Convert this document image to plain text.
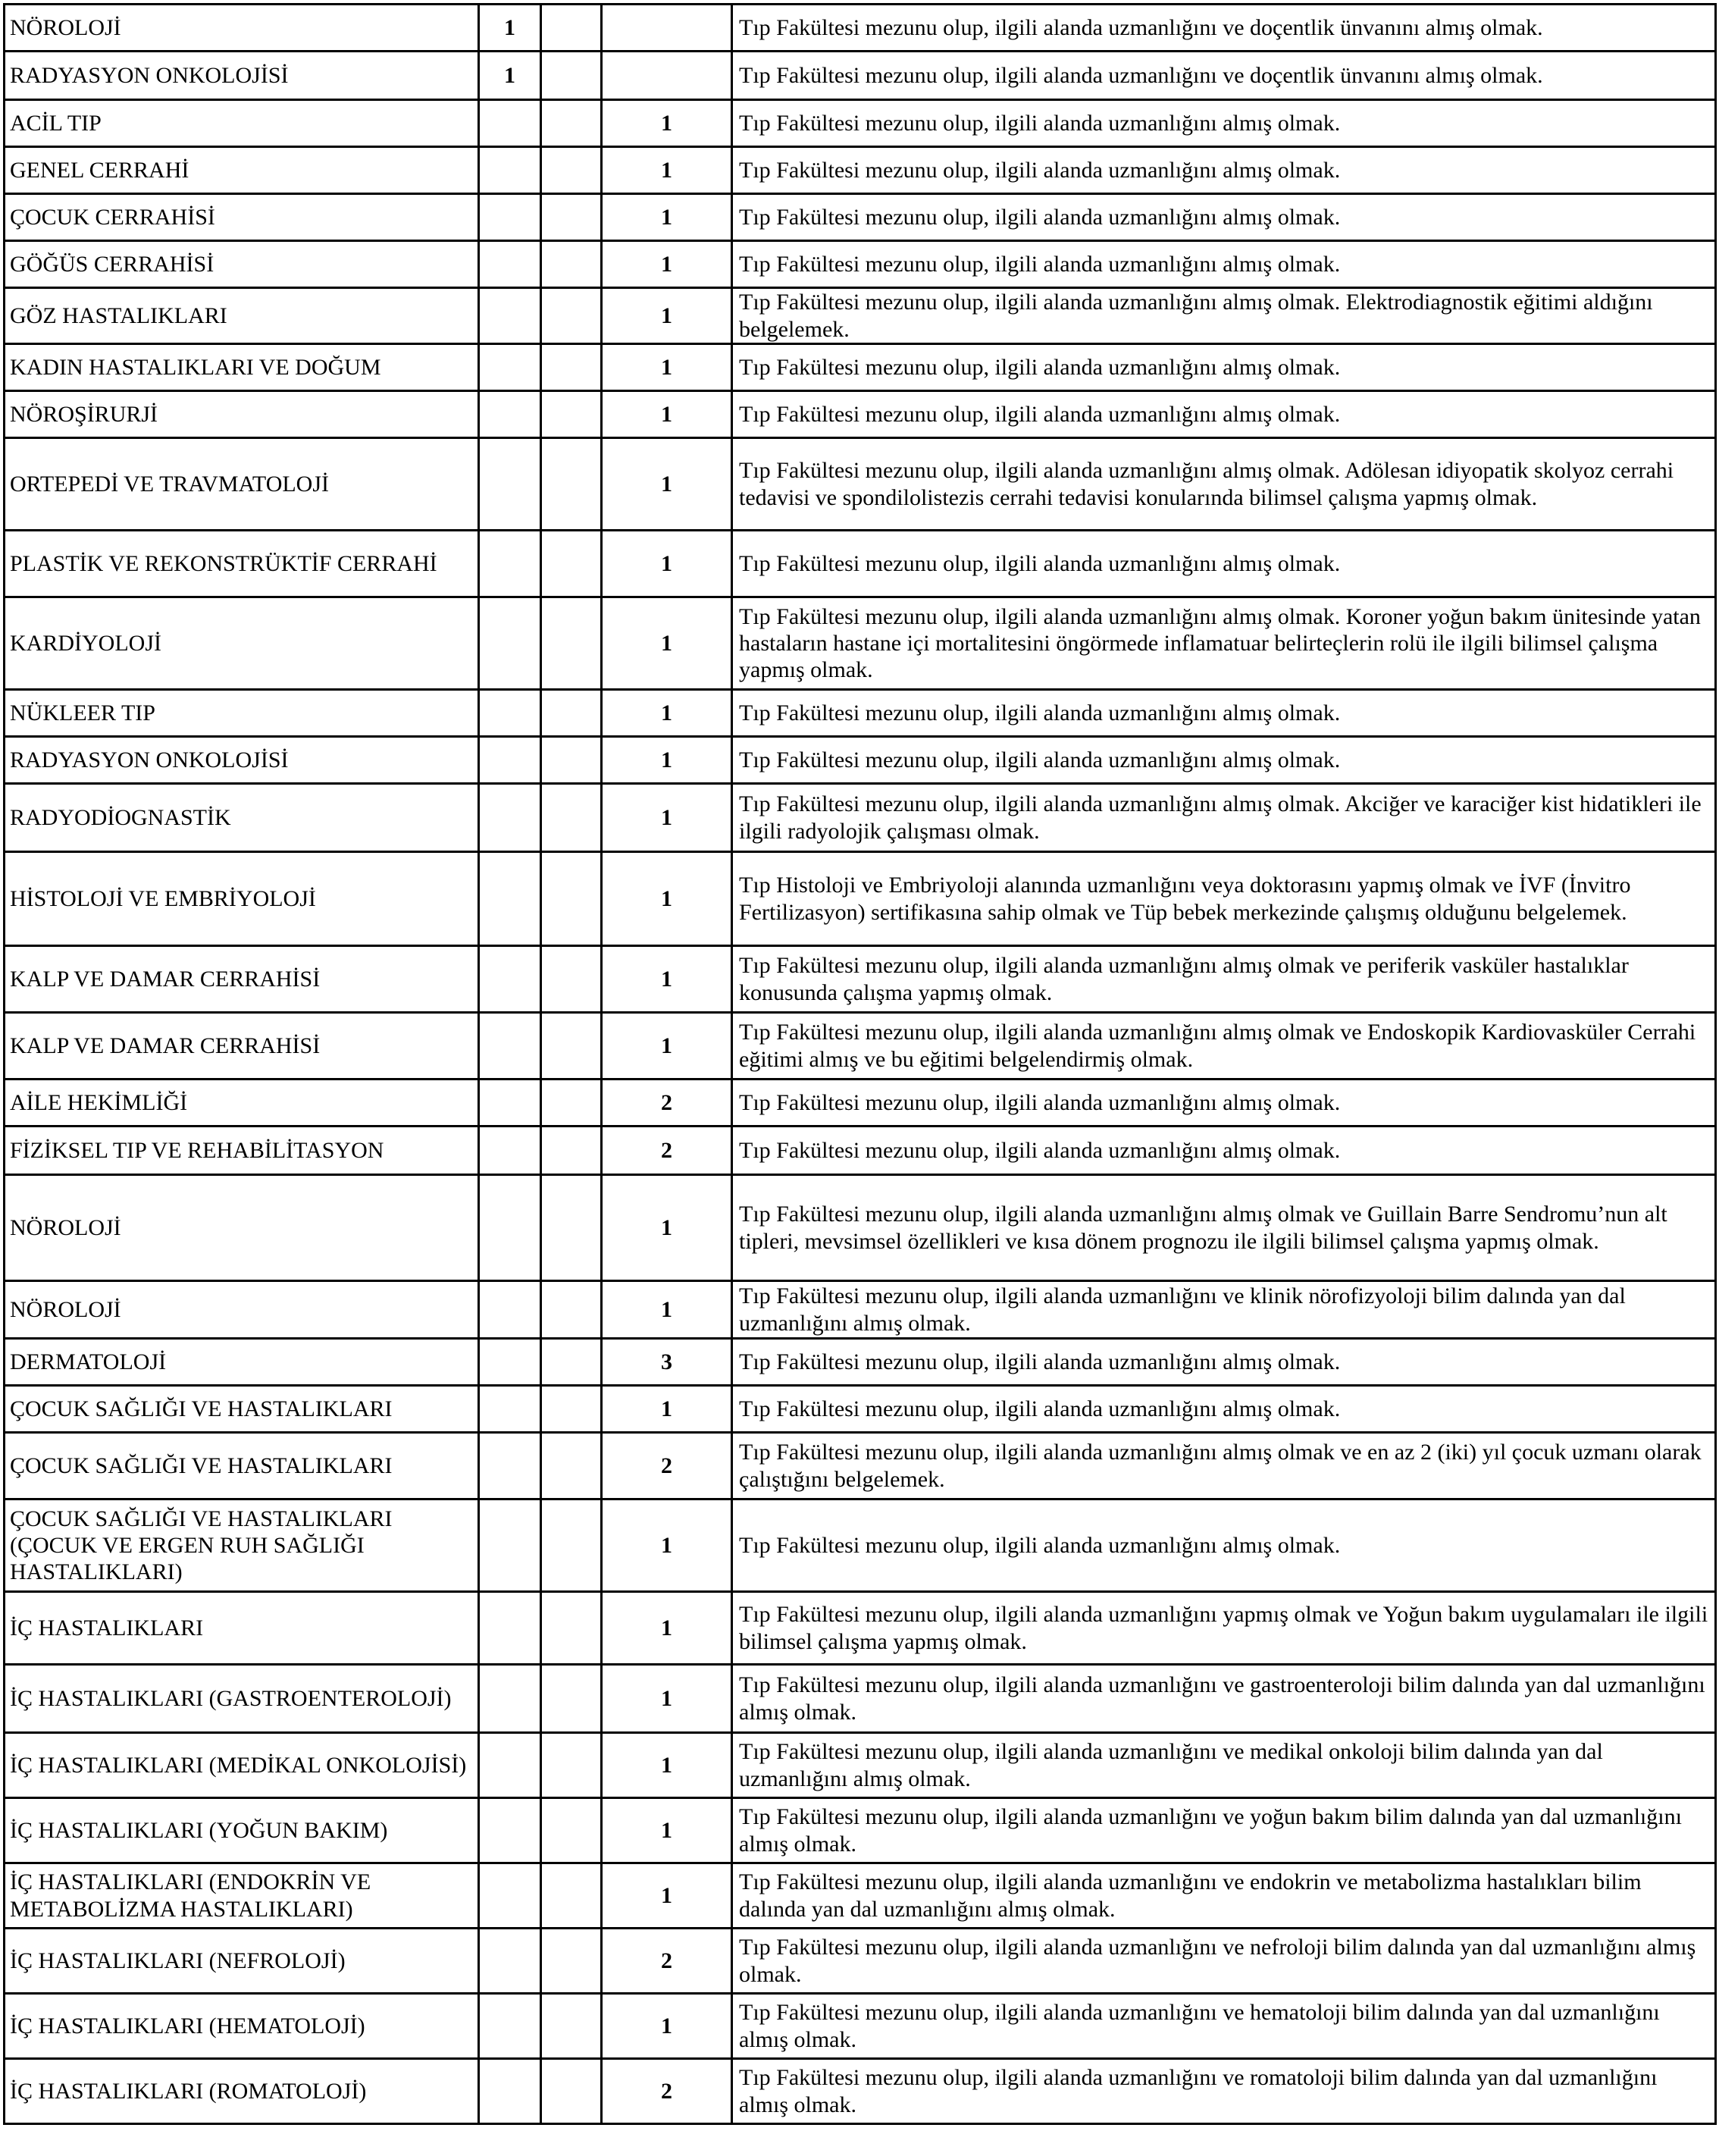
NÖROLOJİ	1			Tıp Fakültesi mezunu olup, ilgili alanda uzmanlığını ve doçentlik ünvanını almış olmak.
RADYASYON ONKOLOJİSİ	1			Tıp Fakültesi mezunu olup, ilgili alanda uzmanlığını ve doçentlik ünvanını almış olmak.
ACİL TIP			1	Tıp Fakültesi mezunu olup, ilgili alanda uzmanlığını almış olmak.
GENEL CERRAHİ			1	Tıp Fakültesi mezunu olup, ilgili alanda uzmanlığını almış olmak.
ÇOCUK CERRAHİSİ			1	Tıp Fakültesi mezunu olup, ilgili alanda uzmanlığını almış olmak.
GÖĞÜS CERRAHİSİ			1	Tıp Fakültesi mezunu olup, ilgili alanda uzmanlığını almış olmak.
GÖZ HASTALIKLARI			1	Tıp Fakültesi mezunu olup, ilgili alanda uzmanlığını almış olmak. Elektrodiagnostik eğitimi aldığını belgelemek.
KADIN HASTALIKLARI VE DOĞUM			1	Tıp Fakültesi mezunu olup, ilgili alanda uzmanlığını almış olmak.
NÖROŞİRURJİ			1	Tıp Fakültesi mezunu olup, ilgili alanda uzmanlığını almış olmak.
ORTEPEDİ VE TRAVMATOLOJİ			1	Tıp Fakültesi mezunu olup, ilgili alanda uzmanlığını almış olmak. Adölesan idiyopatik skolyoz cerrahi tedavisi ve spondilolistezis cerrahi tedavisi konularında bilimsel çalışma yapmış olmak.
PLASTİK VE REKONSTRÜKTİF CERRAHİ			1	Tıp Fakültesi mezunu olup, ilgili alanda uzmanlığını almış olmak.
KARDİYOLOJİ			1	Tıp Fakültesi mezunu olup, ilgili alanda uzmanlığını almış olmak. Koroner yoğun bakım ünitesinde yatan hastaların hastane içi mortalitesini öngörmede inflamatuar belirteçlerin rolü ile ilgili bilimsel çalışma yapmış olmak.
NÜKLEER TIP			1	Tıp Fakültesi mezunu olup, ilgili alanda uzmanlığını almış olmak.
RADYASYON ONKOLOJİSİ			1	Tıp Fakültesi mezunu olup, ilgili alanda uzmanlığını almış olmak.
RADYODİOGNASTİK			1	Tıp Fakültesi mezunu olup, ilgili alanda uzmanlığını almış olmak. Akciğer ve karaciğer kist hidatikleri ile ilgili radyolojik çalışması olmak.
HİSTOLOJİ VE EMBRİYOLOJİ			1	Tıp Histoloji ve Embriyoloji alanında uzmanlığını veya doktorasını yapmış olmak ve İVF (İnvitro Fertilizasyon) sertifikasına sahip olmak ve Tüp bebek merkezinde çalışmış olduğunu belgelemek.
KALP VE DAMAR CERRAHİSİ			1	Tıp Fakültesi mezunu olup, ilgili alanda uzmanlığını almış olmak ve periferik vasküler hastalıklar konusunda çalışma yapmış olmak.
KALP VE DAMAR CERRAHİSİ			1	Tıp Fakültesi mezunu olup, ilgili alanda uzmanlığını almış olmak ve Endoskopik Kardiovasküler Cerrahi eğitimi almış ve bu eğitimi belgelendirmiş olmak.
AİLE HEKİMLİĞİ			2	Tıp Fakültesi mezunu olup, ilgili alanda uzmanlığını almış olmak.
FİZİKSEL TIP VE REHABİLİTASYON			2	Tıp Fakültesi mezunu olup, ilgili alanda uzmanlığını almış olmak.
NÖROLOJİ			1	Tıp Fakültesi mezunu olup, ilgili alanda uzmanlığını almış olmak ve Guillain Barre Sendromu’nun alt tipleri, mevsimsel özellikleri ve kısa dönem prognozu ile ilgili bilimsel çalışma yapmış olmak.
NÖROLOJİ			1	Tıp Fakültesi mezunu olup, ilgili alanda uzmanlığını ve klinik nörofizyoloji bilim dalında yan dal uzmanlığını almış olmak.
DERMATOLOJİ			3	Tıp Fakültesi mezunu olup, ilgili alanda uzmanlığını almış olmak.
ÇOCUK SAĞLIĞI VE HASTALIKLARI			1	Tıp Fakültesi mezunu olup, ilgili alanda uzmanlığını almış olmak.
ÇOCUK SAĞLIĞI VE HASTALIKLARI			2	Tıp Fakültesi mezunu olup, ilgili alanda uzmanlığını almış olmak ve en az 2 (iki) yıl çocuk uzmanı olarak çalıştığını belgelemek.
ÇOCUK SAĞLIĞI VE HASTALIKLARI (ÇOCUK VE ERGEN RUH SAĞLIĞI HASTALIKLARI)			1	Tıp Fakültesi mezunu olup, ilgili alanda uzmanlığını almış olmak.
İÇ HASTALIKLARI			1	Tıp Fakültesi mezunu olup, ilgili alanda uzmanlığını yapmış olmak ve Yoğun bakım uygulamaları ile ilgili bilimsel çalışma yapmış olmak.
İÇ HASTALIKLARI (GASTROENTEROLOJİ)			1	Tıp Fakültesi mezunu olup, ilgili alanda uzmanlığını ve gastroenteroloji bilim dalında yan dal uzmanlığını almış olmak.
İÇ HASTALIKLARI (MEDİKAL ONKOLOJİSİ)			1	Tıp Fakültesi mezunu olup, ilgili alanda uzmanlığını ve medikal onkoloji bilim dalında yan dal uzmanlığını almış olmak.
İÇ HASTALIKLARI (YOĞUN BAKIM)			1	Tıp Fakültesi mezunu olup, ilgili alanda uzmanlığını ve yoğun bakım bilim dalında yan dal uzmanlığını almış olmak.
İÇ HASTALIKLARI (ENDOKRİN VE METABOLİZMA HASTALIKLARI)			1	Tıp Fakültesi mezunu olup, ilgili alanda uzmanlığını ve endokrin ve metabolizma hastalıkları bilim dalında yan dal uzmanlığını almış olmak.
İÇ HASTALIKLARI (NEFROLOJİ)			2	Tıp Fakültesi mezunu olup, ilgili alanda uzmanlığını ve nefroloji bilim dalında yan dal uzmanlığını almış olmak.
İÇ HASTALIKLARI (HEMATOLOJİ)			1	Tıp Fakültesi mezunu olup, ilgili alanda uzmanlığını ve hematoloji bilim dalında yan dal uzmanlığını almış olmak.
İÇ HASTALIKLARI (ROMATOLOJİ)			2	Tıp Fakültesi mezunu olup, ilgili alanda uzmanlığını ve romatoloji bilim dalında yan dal uzmanlığını almış olmak.
